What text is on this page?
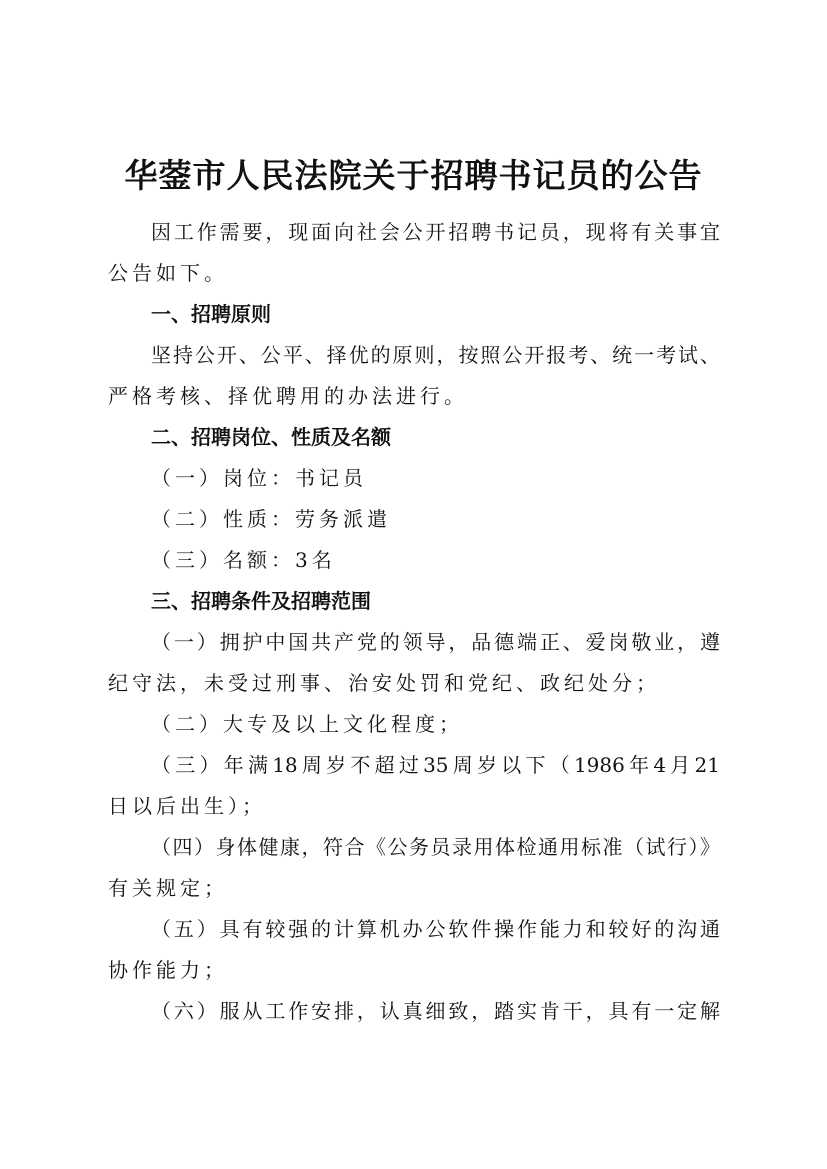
华蓥市人民法院关于招聘书记员的公告
因工作需要，现面向社会公开招聘书记员，现将有关事宜
公告如下。
一、招聘原则
坚持公开、公平、择优的原则，按照公开报考、统一考试、
严格考核、择优聘用的办法进行。
二、招聘岗位、性质及名额
（一）岗位：书记员
（二）性质：劳务派遣
（三）名额：3名
三、招聘条件及招聘范围
（一）拥护中国共产党的领导，品德端正、爱岗敬业，遵
纪守法，未受过刑事、治安处罚和党纪、政纪处分；
（二）大专及以上文化程度；
（三）年满18周岁不超过35周岁以下（1986年4月21
日以后出生）；
（四）身体健康，符合《公务员录用体检通用标准（试行）》
有关规定；
（五）具有较强的计算机办公软件操作能力和较好的沟通
协作能力；
（六）服从工作安排，认真细致，踏实肯干，具有一定解
